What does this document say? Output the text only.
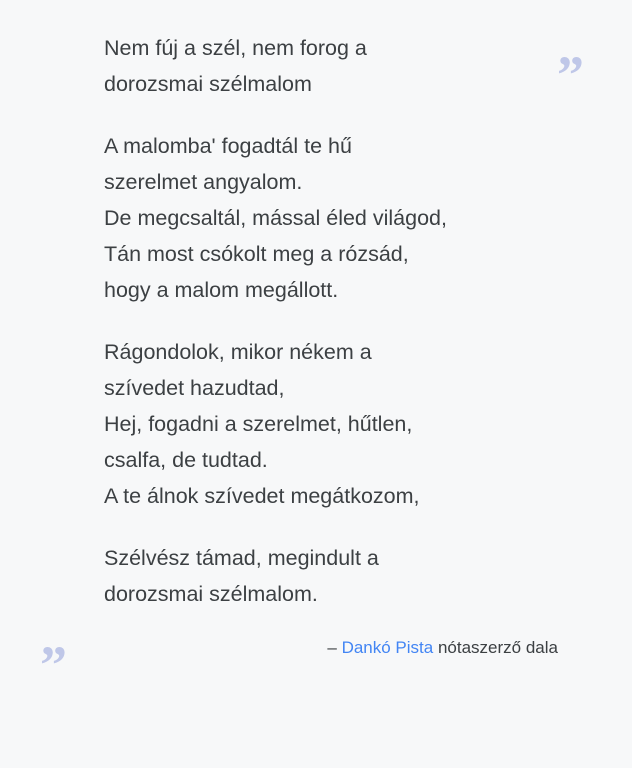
”
”
Nem fúj a szél, nem forog a
dorozsmai szélmalom
A malomba' fogadtál te hű
szerelmet angyalom.
De megcsaltál, mással éled világod,
Tán most csókolt meg a rózsád,
hogy a malom megállott.
Rágondolok, mikor nékem a
szívedet hazudtad,
Hej, fogadni a szerelmet, hűtlen,
csalfa, de tudtad.
A te álnok szívedet megátkozom,
Szélvész támad, megindult a
dorozsmai szélmalom.
– Dankó Pista nótaszerző dala
